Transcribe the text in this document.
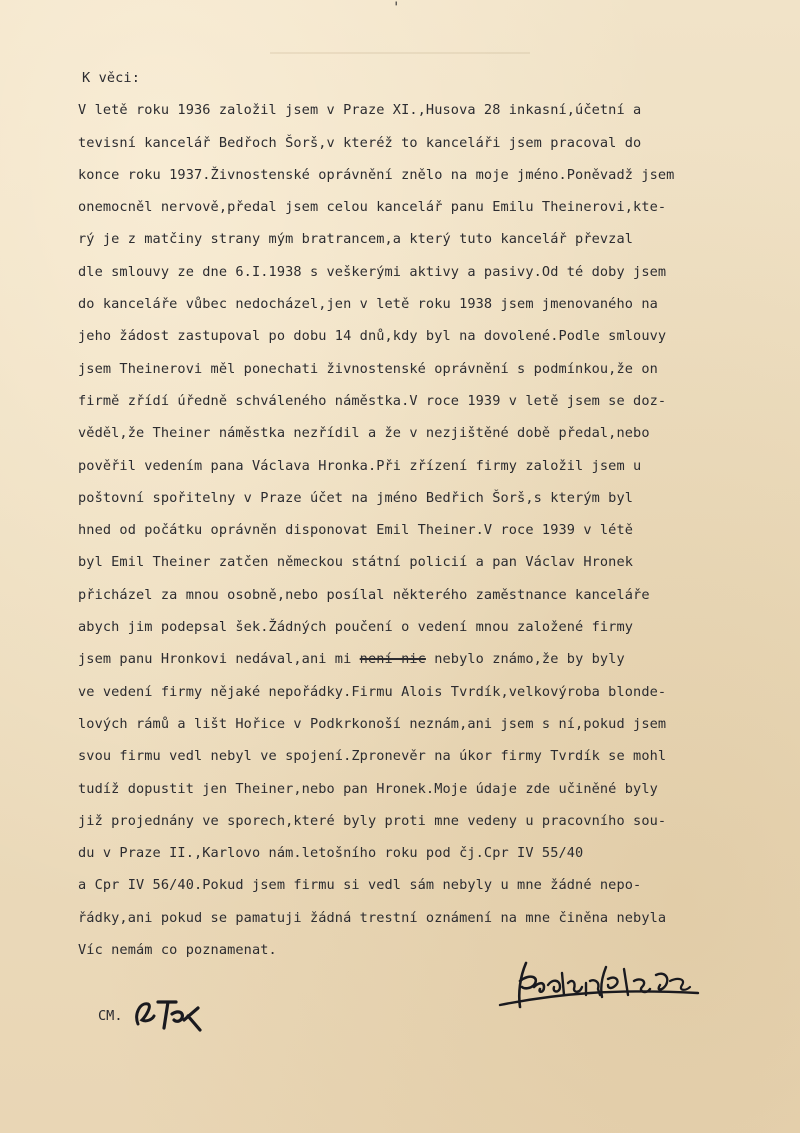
'
K věci:
V letě roku 1936 založil jsem v Praze XI.,Husova 28 inkasní,účetní a
tevisní kancelář Bedřoch Šorš,v kteréž to kanceláři jsem pracoval do
konce roku 1937.Živnostenské oprávnění znělo na moje jméno.Poněvadž jsem
onemocněl nervově,předal jsem celou kancelář panu Emilu Theinerovi,kte-
rý je z matčiny strany mým bratrancem,a který tuto kancelář převzal
dle smlouvy ze dne 6.I.1938 s veškerými aktivy a pasivy.Od té doby jsem
do kanceláře vůbec nedocházel,jen v letě roku 1938 jsem jmenovaného na
jeho žádost zastupoval po dobu 14 dnů,kdy byl na dovolené.Podle smlouvy
jsem Theinerovi měl ponechati živnostenské oprávnění s podmínkou,že on
firmě zřídí úředně schváleného náměstka.V roce 1939 v letě jsem se doz-
věděl,že Theiner náměstka nezřídil a že v nezjištěné době předal,nebo
pověřil vedením pana Václava Hronka.Při zřízení firmy založil jsem u
poštovní spořitelny v Praze účet na jméno Bedřich Šorš,s kterým byl
hned od počátku oprávněn disponovat Emil Theiner.V roce 1939 v létě
byl Emil Theiner zatčen německou státní policií a pan Václav Hronek
přicházel za mnou osobně,nebo posílal některého zaměstnance kanceláře
abych jim podepsal šek.Žádných poučení o vedení mnou založené firmy
jsem panu Hronkovi nedával,ani mi není nic nebylo známo,že by byly
ve vedení firmy nějaké nepořádky.Firmu Alois Tvrdík,velkovýroba blonde-
lových rámů a lišt Hořice v Podkrkonoší neznám,ani jsem s ní,pokud jsem
svou firmu vedl nebyl ve spojení.Zpronevěr na úkor firmy Tvrdík se mohl
tudíž dopustit jen Theiner,nebo pan Hronek.Moje údaje zde učiněné byly
již projednány ve sporech,které byly proti mne vedeny u pracovního sou-
du v Praze II.,Karlovo nám.letošního roku pod čj.Cpr IV 55/40
a Cpr IV 56/40.Pokud jsem firmu si vedl sám nebyly u mne žádné nepo-
řádky,ani pokud se pamatuji žádná trestní oznámení na mne činěna nebyla
Víc nemám co poznamenat.
CM.
